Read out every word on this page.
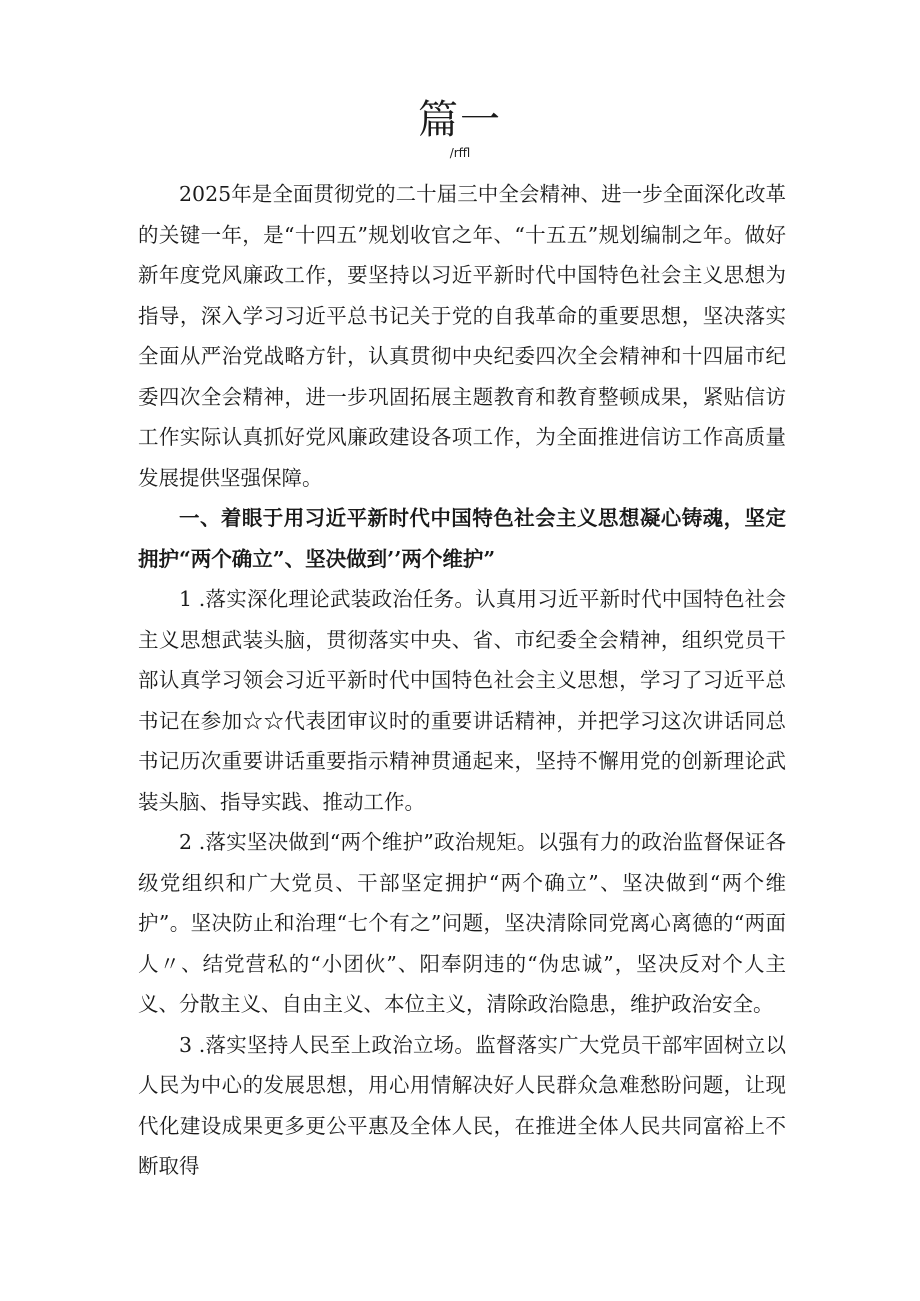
篇一
/rffl

2025年是全面贯彻党的二十届三中全会精神、进一步全面深化改革的关键一年，是“十四五”规划收官之年、“十五五”规划编制之年。做好新年度党风廉政工作，要坚持以习近平新时代中国特色社会主义思想为指导，深入学习习近平总书记关于党的自我革命的重要思想，坚决落实全面从严治党战略方针，认真贯彻中央纪委四次全会精神和十四届市纪委四次全会精神，进一步巩固拓展主题教育和教育整顿成果，紧贴信访工作实际认真抓好党风廉政建设各项工作，为全面推进信访工作高质量发展提供坚强保障。

一、着眼于用习近平新时代中国特色社会主义思想凝心铸魂，坚定拥护“两个确立”、坚决做到’’两个维护”

1 .落实深化理论武装政治任务。认真用习近平新时代中国特色社会主义思想武装头脑，贯彻落实中央、省、市纪委全会精神，组织党员干部认真学习领会习近平新时代中国特色社会主义思想，学习了习近平总书记在参加☆☆代表团审议时的重要讲话精神，并把学习这次讲话同总书记历次重要讲话重要指示精神贯通起来，坚持不懈用党的创新理论武装头脑、指导实践、推动工作。

2 .落实坚决做到“两个维护”政治规矩。以强有力的政治监督保证各级党组织和广大党员、干部坚定拥护“两个确立”、坚决做到“两个维护”。坚决防止和治理“七个有之”问题，坚决清除同党离心离德的“两面人〃、结党营私的“小团伙”、阳奉阴违的“伪忠诚”，坚决反对个人主义、分散主义、自由主义、本位主义，清除政治隐患，维护政治安全。

3 .落实坚持人民至上政治立场。监督落实广大党员干部牢固树立以人民为中心的发展思想，用心用情解决好人民群众急难愁盼问题，让现代化建设成果更多更公平惠及全体人民，在推进全体人民共同富裕上不断取得
